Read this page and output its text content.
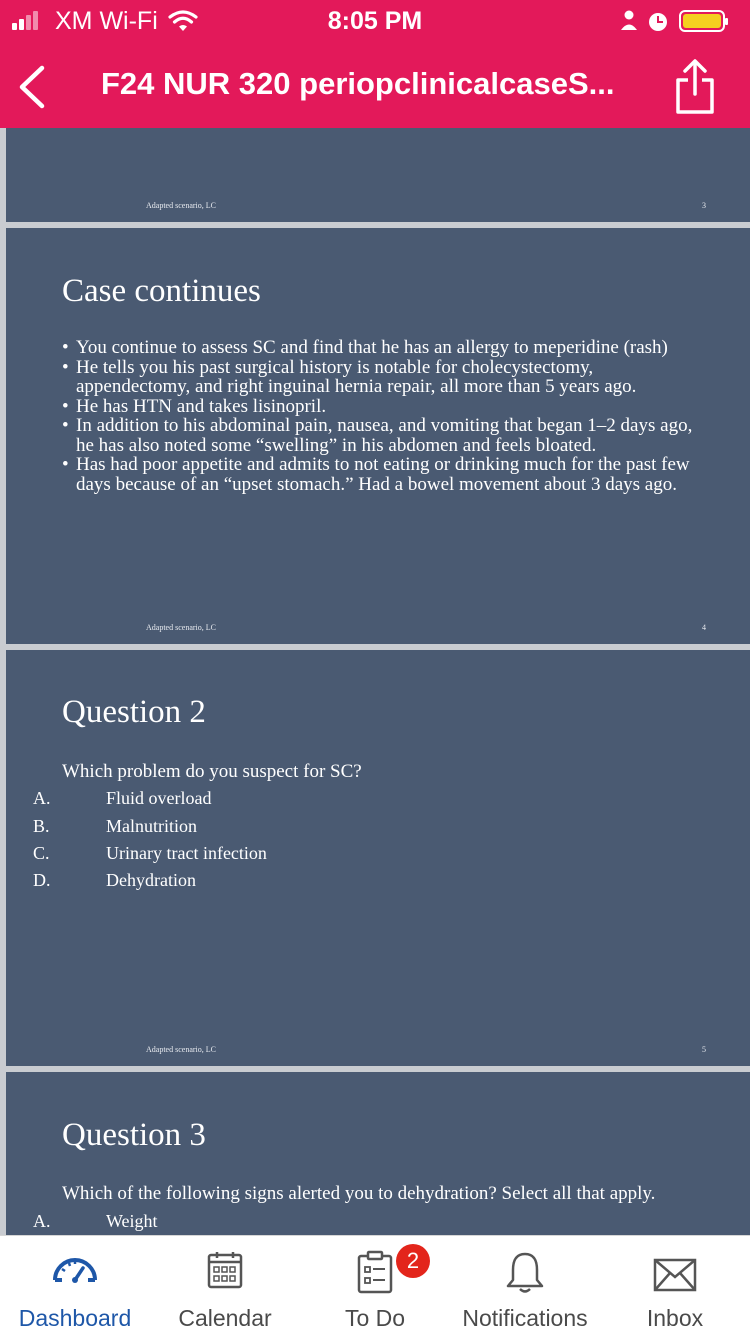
XM Wi-Fi	8:05 PM
F24 NUR 320 periopclinicalcaseS...
Adapted scenario, LC	3
Case continues
• You continue to assess SC and find that he has an allergy to meperidine (rash)
• He tells you his past surgical history is notable for cholecystectomy, appendectomy, and right inguinal hernia repair, all more than 5 years ago.
• He has HTN and takes lisinopril.
• In addition to his abdominal pain, nausea, and vomiting that began 1–2 days ago, he has also noted some “swelling” in his abdomen and feels bloated.
• Has had poor appetite and admits to not eating or drinking much for the past few days because of an “upset stomach.” Had a bowel movement about 3 days ago.
Adapted scenario, LC	4
Question 2
Which problem do you suspect for SC?
A.	Fluid overload
B.	Malnutrition
C.	Urinary tract infection
D.	Dehydration
Adapted scenario, LC	5
Question 3
Which of the following signs alerted you to dehydration? Select all that apply.
A.	Weight
Dashboard	Calendar	To Do	Notifications	Inbox
2
